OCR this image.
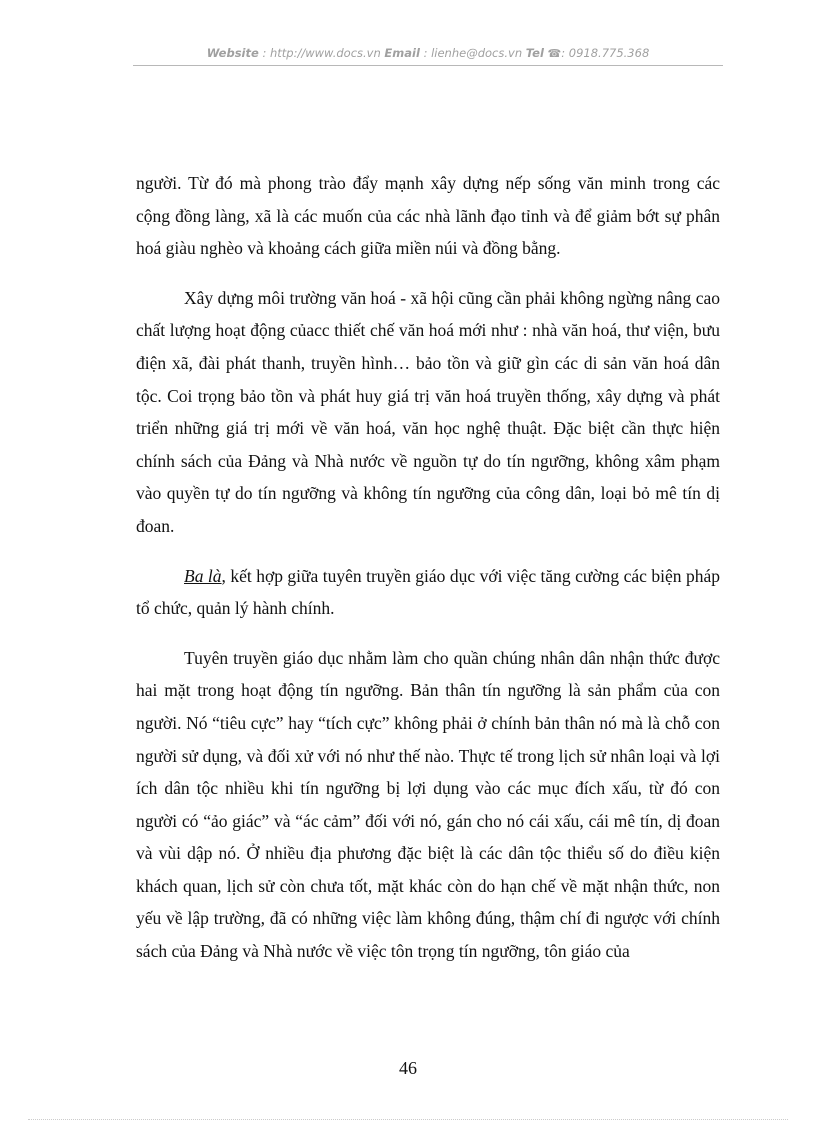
Website : http://www.docs.vn Email : lienhe@docs.vn Tel ☎: 0918.775.368

người. Từ đó mà phong trào đẩy mạnh xây dựng nếp sống văn minh trong các cộng đồng làng, xã là các muốn của các nhà lãnh đạo tỉnh và để giảm bớt sự phân hoá giàu nghèo và khoảng cách giữa miền núi và đồng bằng.

Xây dựng môi trường văn hoá - xã hội cũng cần phải không ngừng nâng cao chất lượng hoạt động củacc thiết chế văn hoá mới như : nhà văn hoá, thư viện, bưu điện xã, đài phát thanh, truyền hình… bảo tồn và giữ gìn các di sản văn hoá dân tộc. Coi trọng bảo tồn và phát huy giá trị văn hoá truyền thống, xây dựng và phát triển những giá trị mới về văn hoá, văn học nghệ thuật. Đặc biệt cần thực hiện chính sách của Đảng và Nhà nước về nguồn tự do tín ngưỡng, không xâm phạm vào quyền tự do tín ngưỡng và không tín ngưỡng của công dân, loại bỏ mê tín dị đoan.

Ba là, kết hợp giữa tuyên truyền giáo dục với việc tăng cường các biện pháp tổ chức, quản lý hành chính.

Tuyên truyền giáo dục nhằm làm cho quần chúng nhân dân nhận thức được hai mặt trong hoạt động tín ngưỡng. Bản thân tín ngưỡng là sản phẩm của con người. Nó “tiêu cực” hay “tích cực” không phải ở chính bản thân nó mà là chỗ con người sử dụng, và đối xử với nó như thế nào. Thực tế trong lịch sử nhân loại và lợi ích dân tộc nhiều khi tín ngưỡng bị lợi dụng vào các mục đích xấu, từ đó con người có “ảo giác” và “ác cảm” đối với nó, gán cho nó cái xấu, cái mê tín, dị đoan và vùi dập nó. Ở nhiều địa phương đặc biệt là các dân tộc thiểu số do điều kiện khách quan, lịch sử còn chưa tốt, mặt khác còn do hạn chế về mặt nhận thức, non yếu về lập trường, đã có những việc làm không đúng, thậm chí đi ngược với chính sách của Đảng và Nhà nước về việc tôn trọng tín ngưỡng, tôn giáo của

46
